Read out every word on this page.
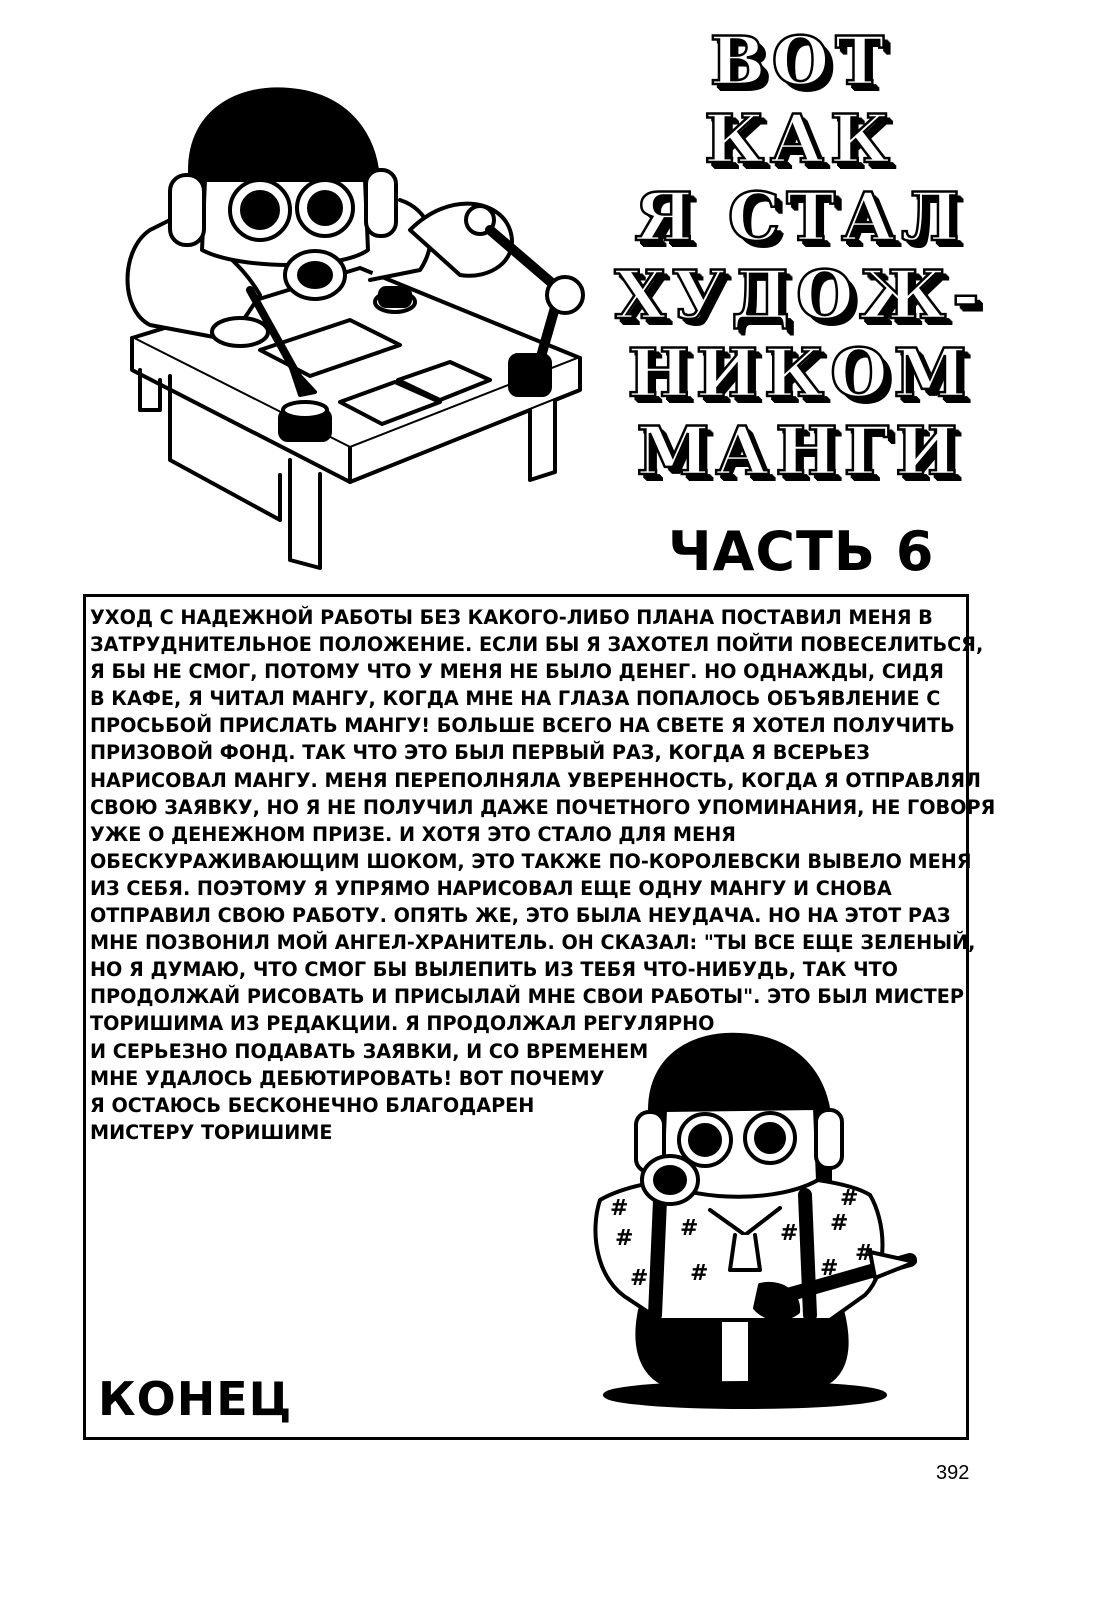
ВОТ КАК
Я СТАЛ
ХУДОЖ-
НИКОМ
МАНГИ
ЧАСТЬ 6
УХОД С НАДЕЖНОЙ РАБОТЫ БЕЗ КАКОГО-ЛИБО ПЛАНА ПОСТАВИЛ МЕНЯ В
ЗАТРУДНИТЕЛЬНОЕ ПОЛОЖЕНИЕ. ЕСЛИ БЫ Я ЗАХОТЕЛ ПОЙТИ ПОВЕСЕЛИТЬСЯ,
Я БЫ НЕ СМОГ, ПОТОМУ ЧТО У МЕНЯ НЕ БЫЛО ДЕНЕГ. НО ОДНАЖДЫ, СИДЯ
В КАФЕ, Я ЧИТАЛ МАНГУ, КОГДА МНЕ НА ГЛАЗА ПОПАЛОСЬ ОБЪЯВЛЕНИЕ С
ПРОСЬБОЙ ПРИСЛАТЬ МАНГУ! БОЛЬШЕ ВСЕГО НА СВЕТЕ Я ХОТЕЛ ПОЛУЧИТЬ
ПРИЗОВОЙ ФОНД. ТАК ЧТО ЭТО БЫЛ ПЕРВЫЙ РАЗ, КОГДА Я ВСЕРЬЕЗ
НАРИСОВАЛ МАНГУ. МЕНЯ ПЕРЕПОЛНЯЛА УВЕРЕННОСТЬ, КОГДА Я ОТПРАВЛЯЛ
СВОЮ ЗАЯВКУ, НО Я НЕ ПОЛУЧИЛ ДАЖЕ ПОЧЕТНОГО УПОМИНАНИЯ, НЕ ГОВОРЯ
УЖЕ О ДЕНЕЖНОМ ПРИЗЕ. И ХОТЯ ЭТО СТАЛО ДЛЯ МЕНЯ
ОБЕСКУРАЖИВАЮЩИМ ШОКОМ, ЭТО ТАКЖЕ ПО-КОРОЛЕВСКИ ВЫВЕЛО МЕНЯ
ИЗ СЕБЯ. ПОЭТОМУ Я УПРЯМО НАРИСОВАЛ ЕЩЕ ОДНУ МАНГУ И СНОВА
ОТПРАВИЛ СВОЮ РАБОТУ. ОПЯТЬ ЖЕ, ЭТО БЫЛА НЕУДАЧА. НО НА ЭТОТ РАЗ
МНЕ ПОЗВОНИЛ МОЙ АНГЕЛ-ХРАНИТЕЛЬ. ОН СКАЗАЛ: "ТЫ ВСЕ ЕЩЕ ЗЕЛЕНЫЙ,
НО Я ДУМАЮ, ЧТО СМОГ БЫ ВЫЛЕПИТЬ ИЗ ТЕБЯ ЧТО-НИБУДЬ, ТАК ЧТО
ПРОДОЛЖАЙ РИСОВАТЬ И ПРИСЫЛАЙ МНЕ СВОИ РАБОТЫ". ЭТО БЫЛ МИСТЕР
ТОРИШИМА ИЗ РЕДАКЦИИ. Я ПРОДОЛЖАЛ РЕГУЛЯРНО
И СЕРЬЕЗНО ПОДАВАТЬ ЗАЯВКИ, И СО ВРЕМЕНЕМ
МНЕ УДАЛОСЬ ДЕБЮТИРОВАТЬ! ВОТ ПОЧЕМУ
Я ОСТАЮСЬ БЕСКОНЕЧНО БЛАГОДАРЕН
МИСТЕРУ ТОРИШИМЕ
# #
# #
# #
#
#
#	#
КОНЕЦ
392
